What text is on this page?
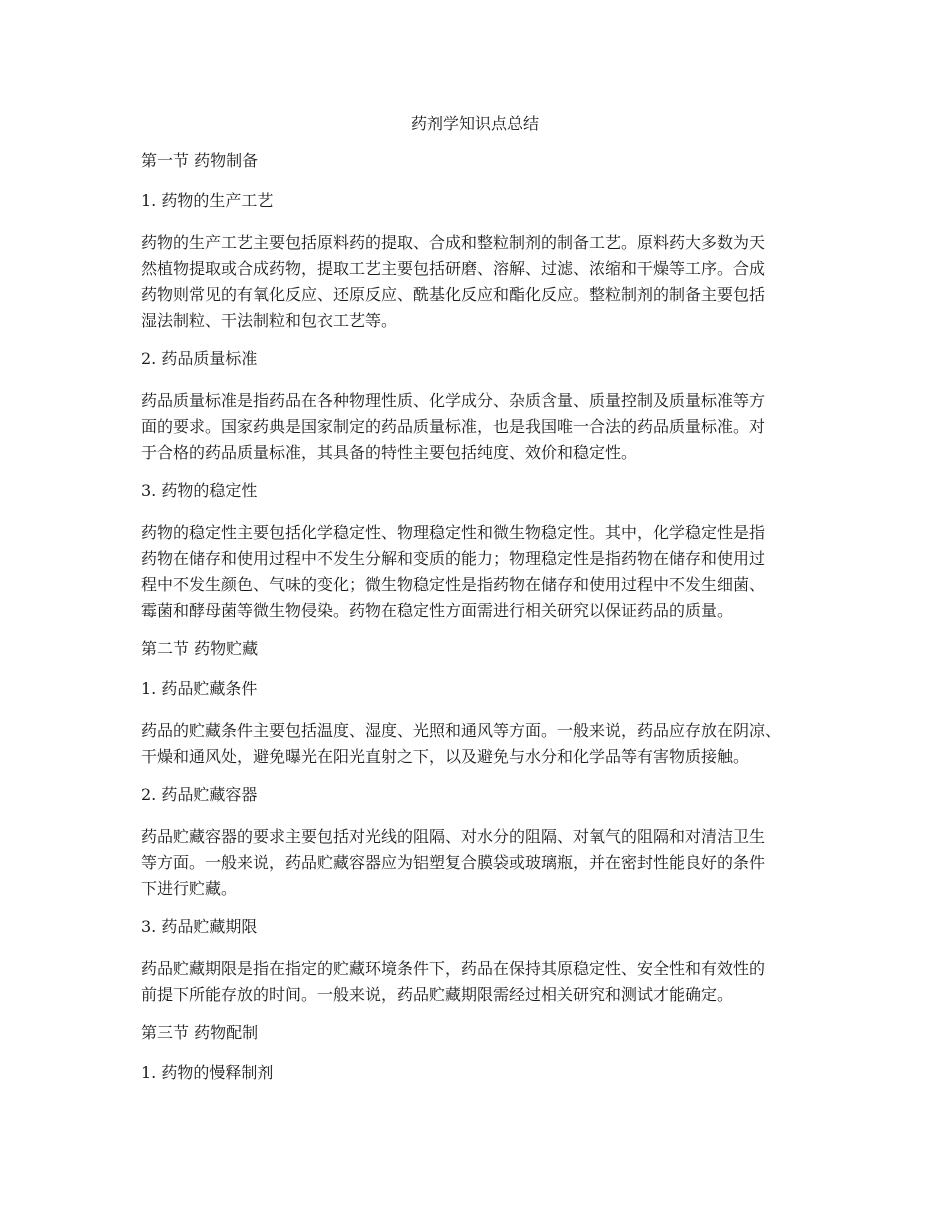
药剂学知识点总结

第一节 药物制备

1. 药物的生产工艺

药物的生产工艺主要包括原料药的提取、合成和整粒制剂的制备工艺。原料药大多数为天
然植物提取或合成药物，提取工艺主要包括研磨、溶解、过滤、浓缩和干燥等工序。合成
药物则常见的有氧化反应、还原反应、酰基化反应和酯化反应。整粒制剂的制备主要包括
湿法制粒、干法制粒和包衣工艺等。

2. 药品质量标准

药品质量标准是指药品在各种物理性质、化学成分、杂质含量、质量控制及质量标准等方
面的要求。国家药典是国家制定的药品质量标准，也是我国唯一合法的药品质量标准。对
于合格的药品质量标准，其具备的特性主要包括纯度、效价和稳定性。

3. 药物的稳定性

药物的稳定性主要包括化学稳定性、物理稳定性和微生物稳定性。其中，化学稳定性是指
药物在储存和使用过程中不发生分解和变质的能力；物理稳定性是指药物在储存和使用过
程中不发生颜色、气味的变化；微生物稳定性是指药物在储存和使用过程中不发生细菌、
霉菌和酵母菌等微生物侵染。药物在稳定性方面需进行相关研究以保证药品的质量。

第二节 药物贮藏

1. 药品贮藏条件

药品的贮藏条件主要包括温度、湿度、光照和通风等方面。一般来说，药品应存放在阴凉、
干燥和通风处，避免曝光在阳光直射之下，以及避免与水分和化学品等有害物质接触。

2. 药品贮藏容器

药品贮藏容器的要求主要包括对光线的阻隔、对水分的阻隔、对氧气的阻隔和对清洁卫生
等方面。一般来说，药品贮藏容器应为铝塑复合膜袋或玻璃瓶，并在密封性能良好的条件
下进行贮藏。

3. 药品贮藏期限

药品贮藏期限是指在指定的贮藏环境条件下，药品在保持其原稳定性、安全性和有效性的
前提下所能存放的时间。一般来说，药品贮藏期限需经过相关研究和测试才能确定。

第三节 药物配制

1. 药物的慢释制剂
